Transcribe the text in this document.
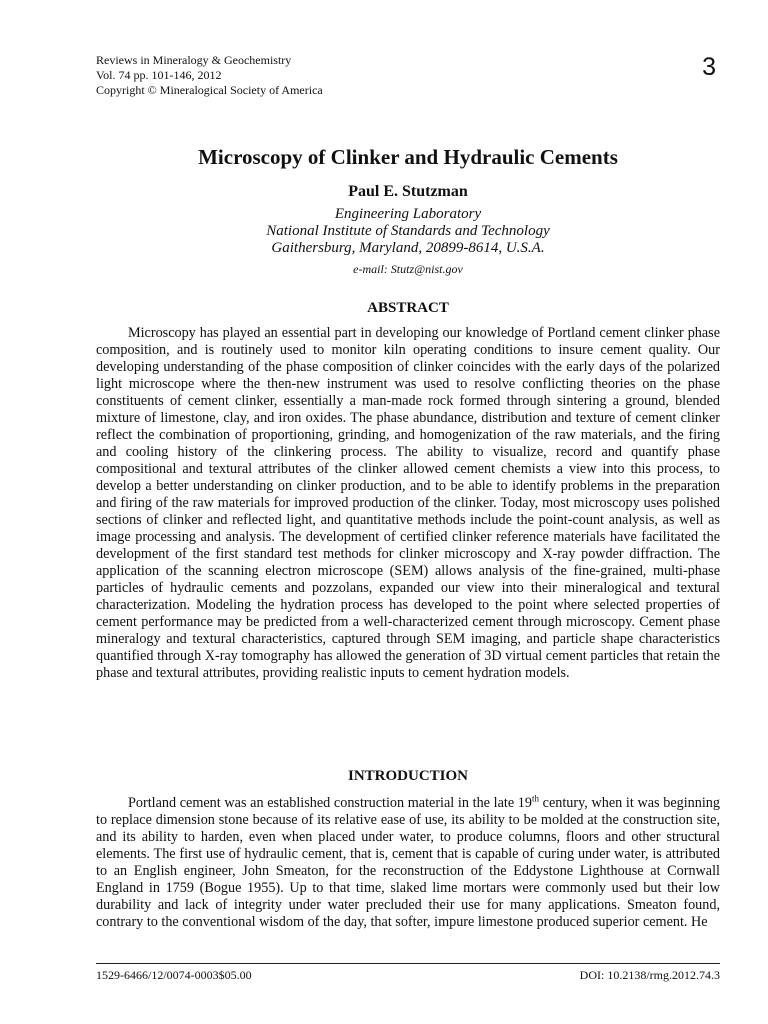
Reviews in Mineralogy & Geochemistry
Vol. 74 pp. 101-146, 2012
Copyright © Mineralogical Society of America
3
Microscopy of Clinker and Hydraulic Cements
Paul E. Stutzman
Engineering Laboratory
National Institute of Standards and Technology
Gaithersburg, Maryland, 20899-8614, U.S.A.
e-mail: Stutz@nist.gov
ABSTRACT

Microscopy has played an essential part in developing our knowledge of Portland cement clinker phase composition, and is routinely used to monitor kiln operating conditions to insure cement quality. Our developing understanding of the phase composition of clinker coincides with the early days of the polarized light microscope where the then-new instrument was used to resolve conflicting theories on the phase constituents of cement clinker, essentially a man-made rock formed through sintering a ground, blended mixture of limestone, clay, and iron oxides. The phase abundance, distribution and texture of cement clinker reflect the combination of proportioning, grinding, and homogenization of the raw materials, and the firing and cooling history of the clinkering process. The ability to visualize, record and quantify phase compositional and textural attributes of the clinker allowed cement chemists a view into this process, to develop a better understanding on clinker production, and to be able to identify problems in the preparation and firing of the raw materials for improved production of the clinker. Today, most microscopy uses polished sections of clinker and reflected light, and quantitative methods include the point-count analysis, as well as image processing and analysis. The development of certified clinker reference materials have facilitated the development of the first standard test methods for clinker microscopy and X-ray powder diffraction. The application of the scanning electron microscope (SEM) allows analysis of the fine-grained, multi-phase particles of hydraulic cements and pozzolans, expanded our view into their mineralogical and textural characterization. Modeling the hydration process has developed to the point where selected properties of cement performance may be predicted from a well-characterized cement through microscopy. Cement phase mineralogy and textural characteristics, captured through SEM imaging, and particle shape characteristics quantified through X-ray tomography has allowed the generation of 3D virtual cement particles that retain the phase and textural attributes, providing realistic inputs to cement hydration models.

INTRODUCTION

Portland cement was an established construction material in the late 19th century, when it was beginning to replace dimension stone because of its relative ease of use, its ability to be molded at the construction site, and its ability to harden, even when placed under water, to produce columns, floors and other structural elements. The first use of hydraulic cement, that is, cement that is capable of curing under water, is attributed to an English engineer, John Smeaton, for the reconstruction of the Eddystone Lighthouse at Cornwall England in 1759 (Bogue 1955). Up to that time, slaked lime mortars were commonly used but their low durability and lack of integrity under water precluded their use for many applications. Smeaton found, contrary to the conventional wisdom of the day, that softer, impure limestone produced superior cement. He

1529-6466/12/0074-0003$05.00	DOI: 10.2138/rmg.2012.74.3
